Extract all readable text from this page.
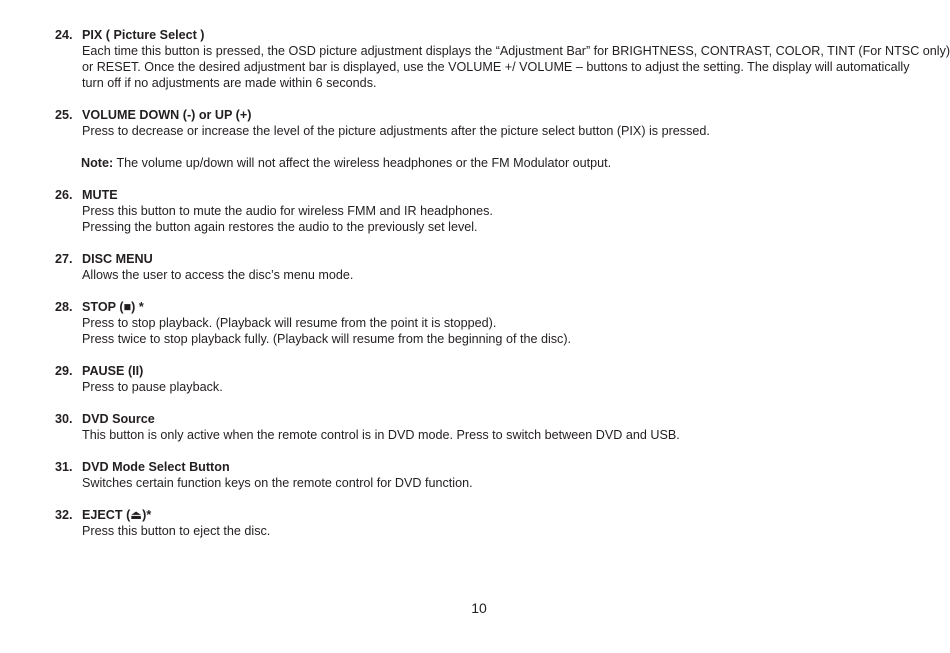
24. PIX ( Picture Select )
Each time this button is pressed, the OSD picture adjustment displays the “Adjustment Bar” for BRIGHTNESS, CONTRAST, COLOR, TINT (For NTSC only)
or RESET. Once the desired adjustment bar is displayed, use the VOLUME +/ VOLUME – buttons to adjust the setting. The display will automatically
turn off if no adjustments are made within 6 seconds.
25. VOLUME DOWN (-) or UP (+)
Press to decrease or increase the level of the picture adjustments after the picture select button (PIX) is pressed.
Note: The volume up/down will not affect the wireless headphones or the FM Modulator output.
26. MUTE
Press this button to mute the audio for wireless FMM and IR headphones.
Pressing the button again restores the audio to the previously set level.
27. DISC MENU
Allows the user to access the disc’s menu mode.
28. STOP (■) *
Press to stop playback. (Playback will resume from the point it is stopped).
Press twice to stop playback fully. (Playback will resume from the beginning of the disc).
29. PAUSE (II)
Press to pause playback.
30. DVD Source
This button is only active when the remote control is in DVD mode. Press to switch between DVD and USB.
31. DVD Mode Select Button
Switches certain function keys on the remote control for DVD function.
32. EJECT (⏏)*
Press this button to eject the disc.
10
